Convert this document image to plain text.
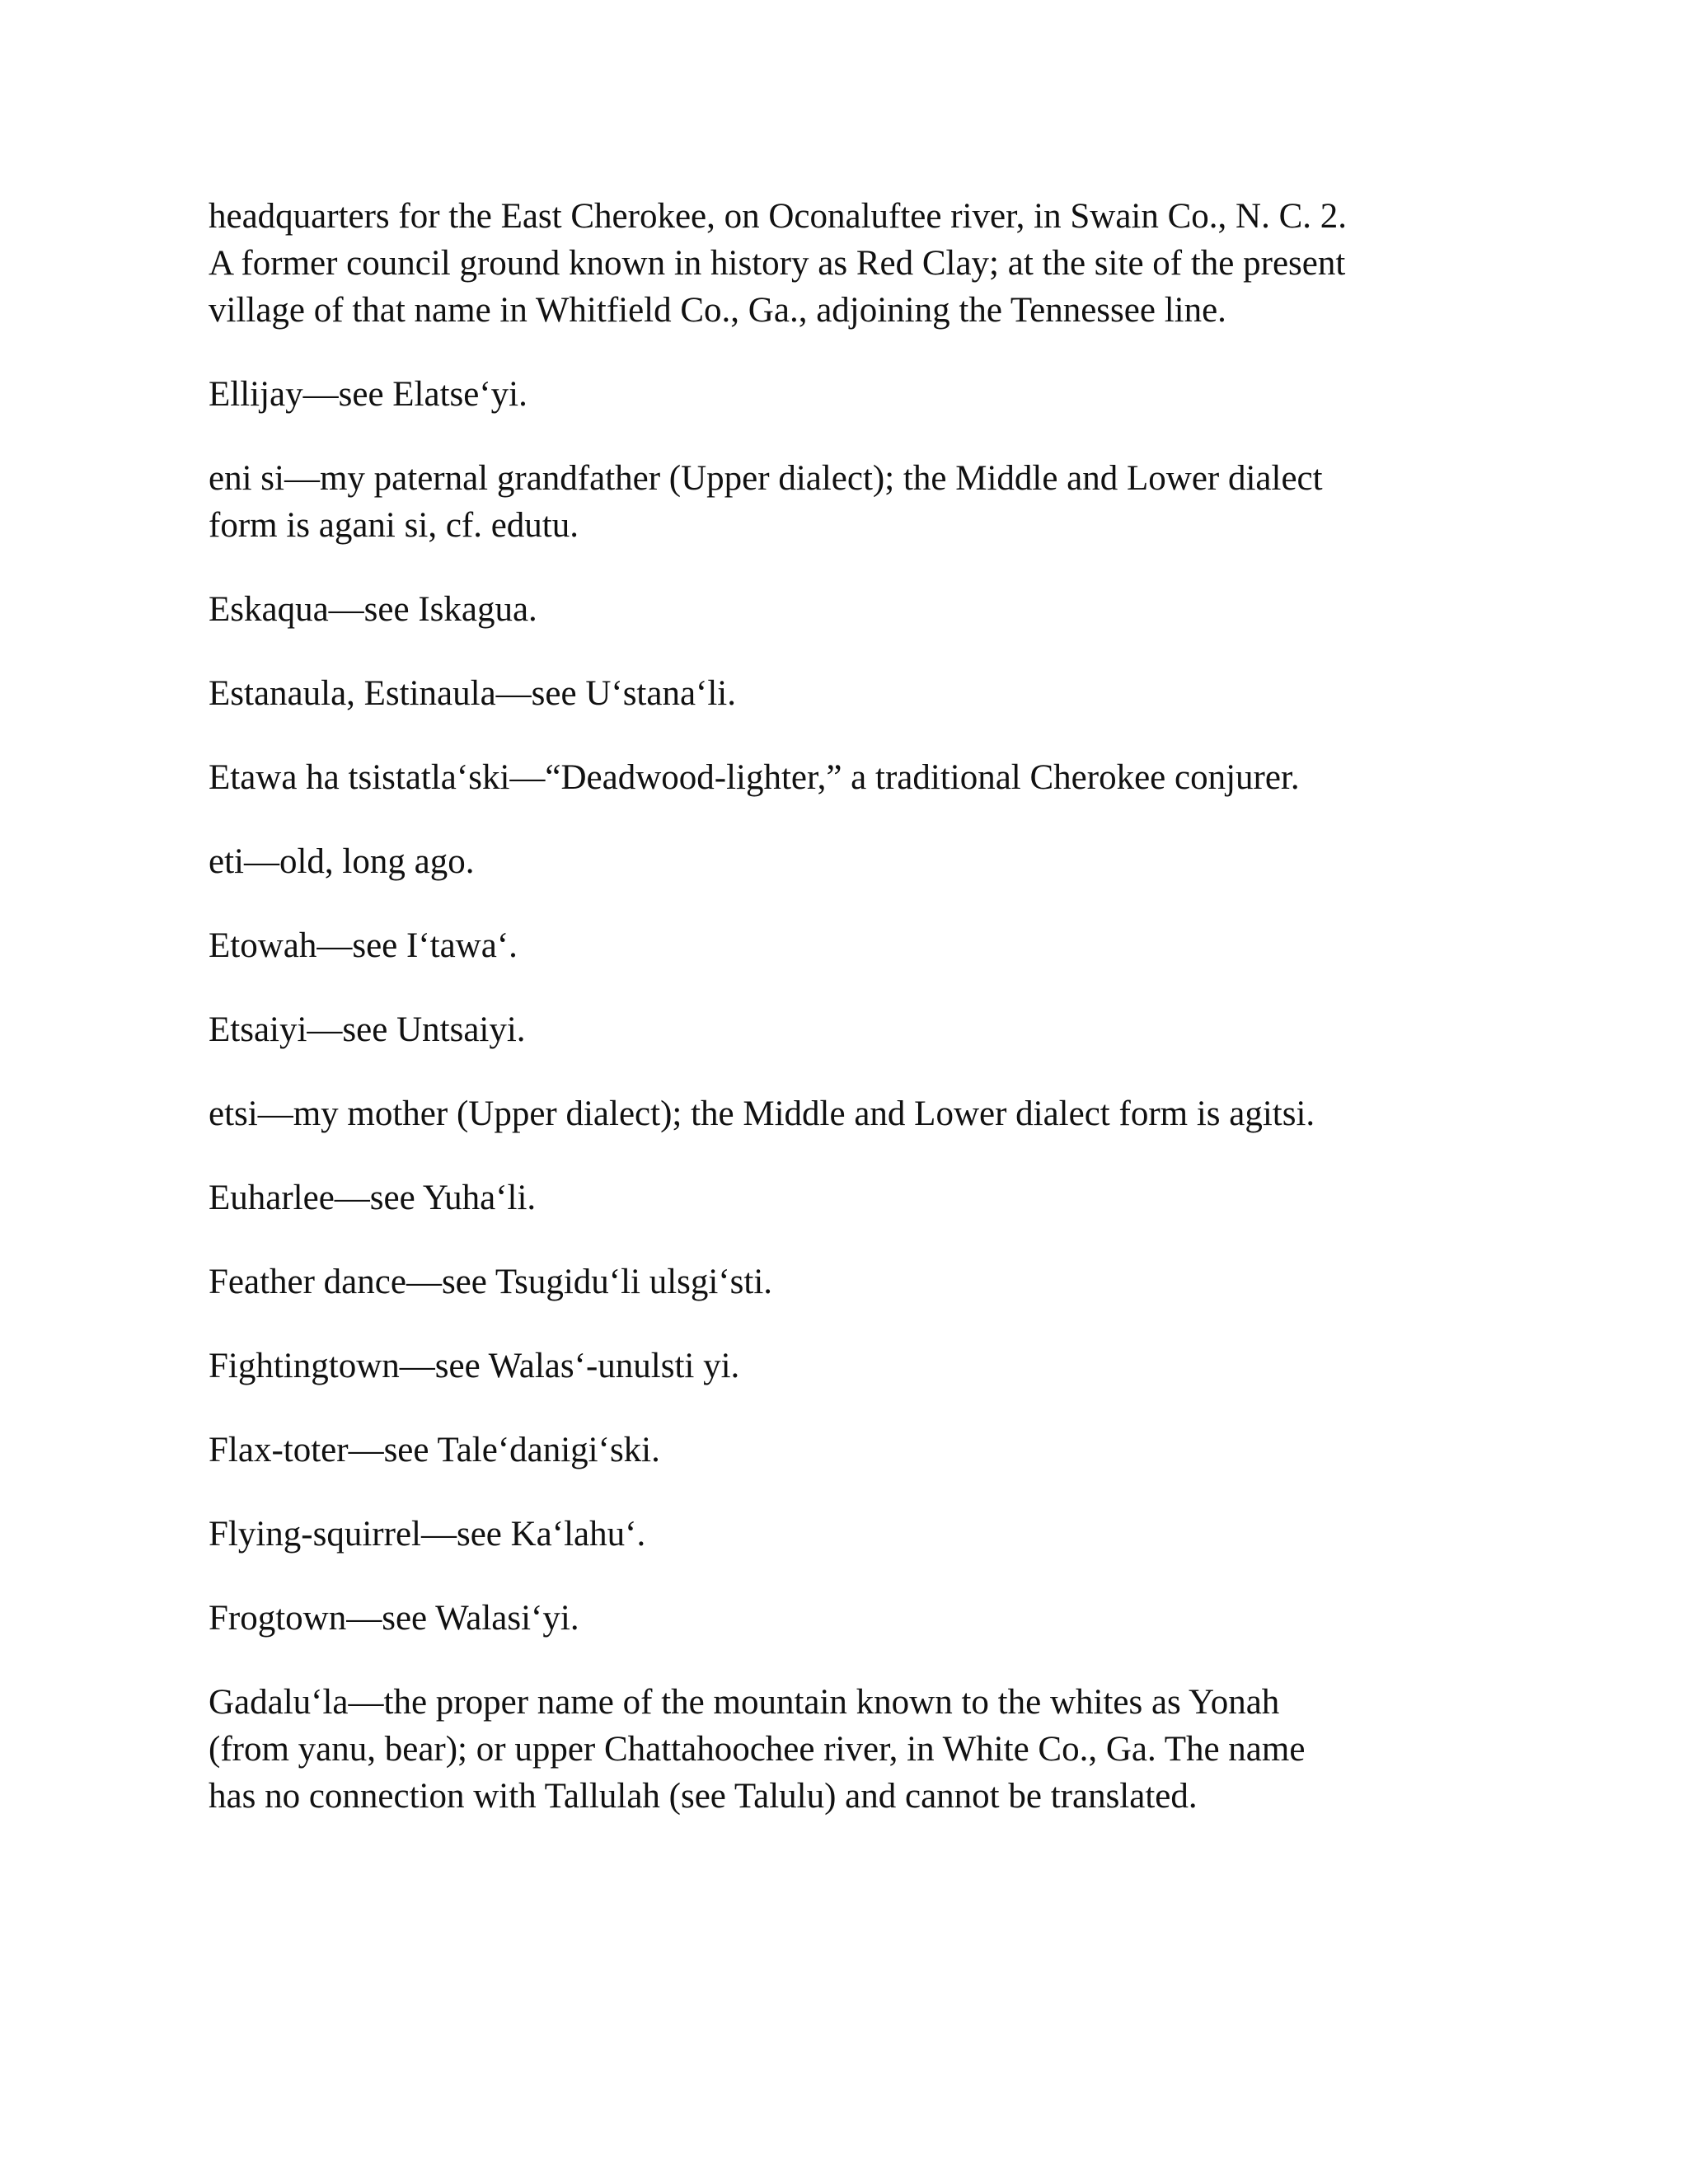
headquarters for the East Cherokee, on Oconaluftee river, in Swain Co., N. C. 2.
A former council ground known in history as Red Clay; at the site of the present
village of that name in Whitfield Co., Ga., adjoining the Tennessee line.

Ellijay—see Elatse‘yi.

eni si—my paternal grandfather (Upper dialect); the Middle and Lower dialect
form is agani si, cf. edutu.

Eskaqua—see Iskagua.

Estanaula, Estinaula—see U‘stana‘li.

Etawa ha tsistatla‘ski—“Deadwood-lighter,” a traditional Cherokee conjurer.

eti—old, long ago.

Etowah—see I‘tawa‘.

Etsaiyi—see Untsaiyi.

etsi—my mother (Upper dialect); the Middle and Lower dialect form is agitsi.

Euharlee—see Yuha‘li.

Feather dance—see Tsugidu‘li ulsgi‘sti.

Fightingtown—see Walas‘-unulsti yi.

Flax-toter—see Tale‘danigi‘ski.

Flying-squirrel—see Ka‘lahu‘.

Frogtown—see Walasi‘yi.

Gadalu‘la—the proper name of the mountain known to the whites as Yonah
(from yanu, bear); or upper Chattahoochee river, in White Co., Ga. The name
has no connection with Tallulah (see Talulu) and cannot be translated.
